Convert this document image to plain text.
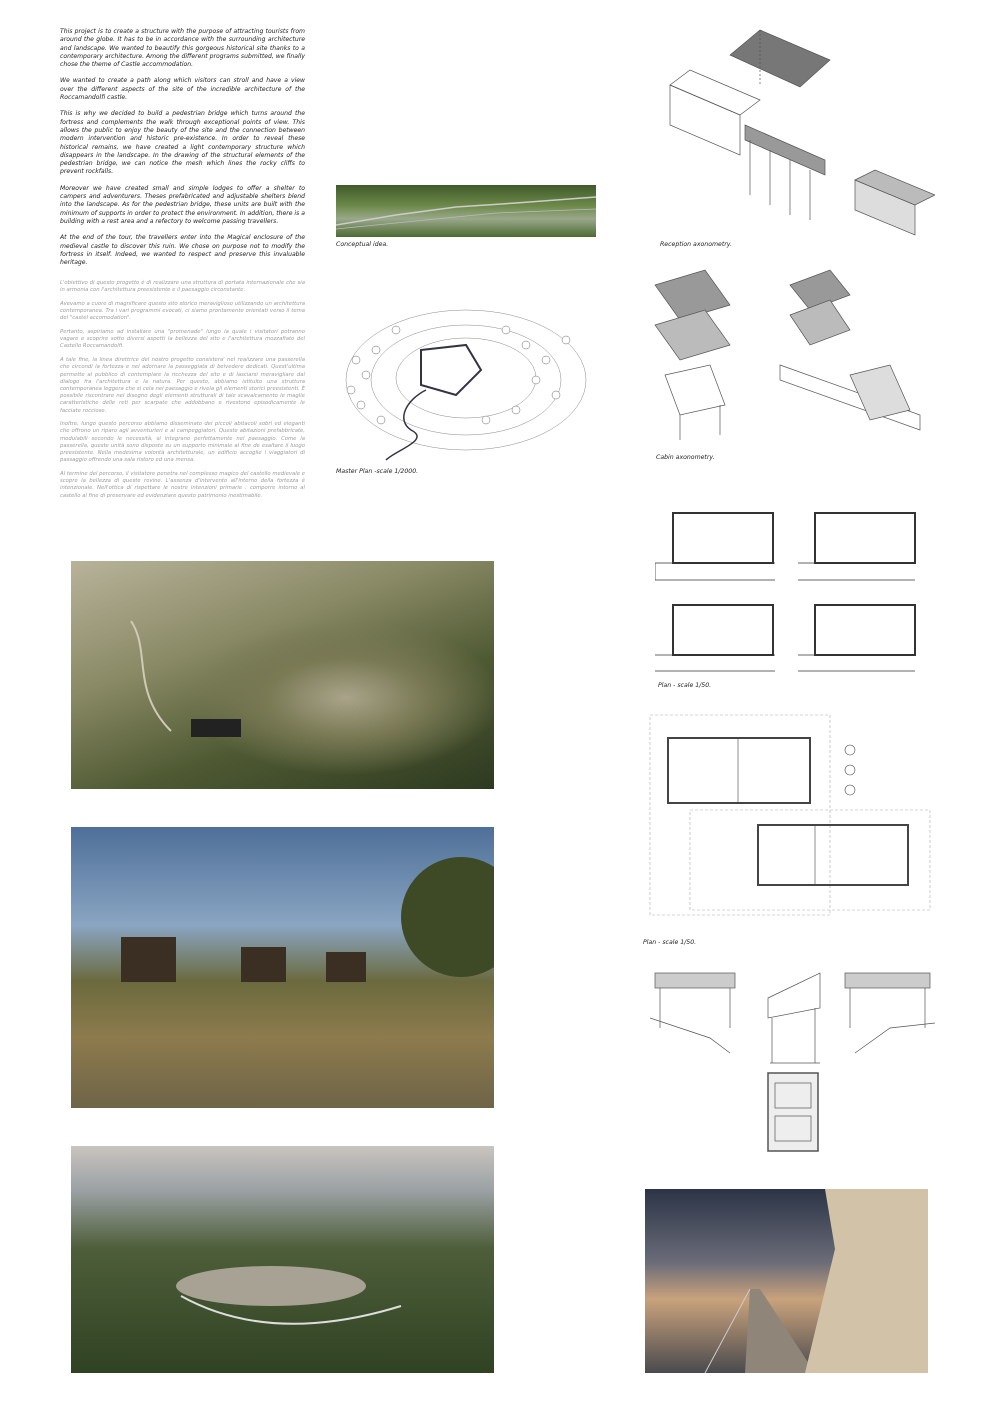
This project is to create a structure with the purpose of attracting tourists from around the globe. It has to be in accordance with the surrounding architecture and landscape. We wanted to beautify this gorgeous historical site thanks to a contemporary architecture. Among the different programs submitted, we finally chose the theme of Castle accommodation.

We wanted to create a path along which visitors can stroll and have a view over the different aspects of the site of the incredible architecture of the Roccamandolfi castle.

This is why we decided to build a pedestrian bridge which turns around the fortress and complements the walk through exceptional points of view. This allows the public to enjoy the beauty of the site and the connection between modern intervention and historic pre-existence. In order to reveal these historical remains, we have created a light contemporary structure which disappears in the landscape. In the drawing of the structural elements of the pedestrian bridge, we can notice the mesh which lines the rocky cliffs to prevent rockfalls.

Moreover we have created small and simple lodges to offer a shelter to campers and adventurers. Theses prefabricated and adjustable shelters blend into the landscape. As for the pedestrian bridge, these units are built with the minimum of supports in order to protect the environment. In addition, there is a building with a rest area and a refectory to welcome passing travellers.

At the end of the tour, the travellers enter into the Magical enclosure of the medieval castle to discover this ruin. We chose on purpose not to modify the fortress in itself. Indeed, we wanted to respect and preserve this invaluable heritage.

L'obiettivo di questo progetto è di realizzare una struttura di portata internazionale che sia in armonia con l'architettura preesistente e il paesaggio circonstante.

Avevamo a cuore di magnificare questo sito storico meraviglioso utilizzando un architettura contemporanea. Tra i vari programmi evocati, ci siamo prontamente orientati verso il tema del "castel accomodation".

Pertanto, aspiriamo ad installare una "promenade" lungo la quale i visitatori potranno vagare e scoprire sotto diversi aspetti la bellezza del sito e l'architettura mozzafiato del Castello Roccamandolfi.

A tale fine, la linea direttrice del nostro progetto consistera' nel realizzare una passerella che circondi la fortezza e nel adornare la passeggiata di belvedere dedicati. Quest'ultima permette al pubblico di contemplare la ricchezza del sito e di lasciarsi meravigliare dal dialogo fra l'architettura e la natura. Per questo, abbiamo istituito una struttura contemporanea leggera che si cela nel paesaggio e rivela gli elementi storici preesistenti. È possibile riscontrare nel disegno degli elementi strutturali di tale scavalcamento le maglie caratteristiche delle reti per scarpate che addobbano e rivestono episodicamente le facciate rocciose.

Inoltre, lungo questo percorso abbiamo disseminato dei piccoli abitacoli sobri ed eleganti che offrono un riparo agli avventurieri e ai campeggiatori. Queste abitazioni prefabbricate, modulabili secondo le necessità, si integrano perfettamente nel paesaggio. Come la passerella, queste unità sono disposte su un supporto minimale al fine de esaltare il luogo preesistente. Nella medesima volontà architetturale, un edificio accoglie i viaggiatori di passaggio offrendo una sala ristoro ed una mensa.

Al termine del percorso, il visitatore penetra nel complesso magico del castello medievale e scopre la bellezza di queste rovine. L'assenza d'intervento all'interno della fortezza è intenzionale. Nell'ottica di rispettare le nostre intenzioni primarie : comporre intorno al castello al fine di preservare ed evidenziare questo patrimonio inestimabile.

Conceptual idea.	Reception axonometry.
Master Plan -scale 1/2000.
Cabin axonometry.
Plan - scale 1/50.
Plan - scale 1/50.
